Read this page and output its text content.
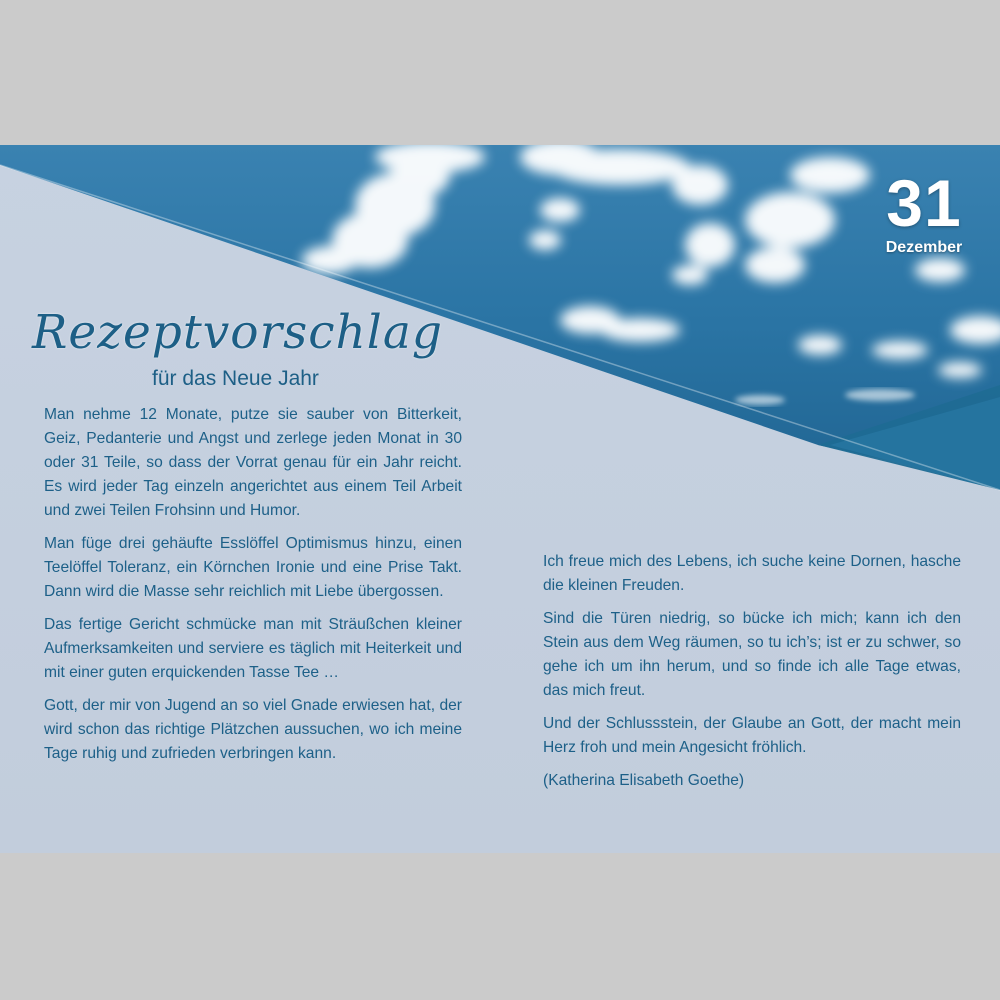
31
Dezember
Rezeptvorschlag
für das Neue Jahr

Man nehme 12 Monate, putze sie sauber von Bitterkeit, Geiz, Pedanterie und Angst und zerlege jeden Monat in 30 oder 31 Teile, so dass der Vorrat genau für ein Jahr reicht. Es wird jeder Tag einzeln angerichtet aus einem Teil Arbeit und zwei Teilen Frohsinn und Humor.

Man füge drei gehäufte Esslöffel Optimismus hinzu, einen Teelöffel Toleranz, ein Körnchen Ironie und eine Prise Takt. Dann wird die Masse sehr reichlich mit Liebe übergossen.

Das fertige Gericht schmücke man mit Sträußchen kleiner Aufmerksamkeiten und serviere es täglich mit Heiterkeit und mit einer guten erquickenden Tasse Tee …

Gott, der mir von Jugend an so viel Gnade erwiesen hat, der wird schon das richtige Plätzchen aussuchen, wo ich meine Tage ruhig und zufrieden verbringen kann.

Ich freue mich des Lebens, ich suche keine Dornen, hasche die kleinen Freuden.

Sind die Türen niedrig, so bücke ich mich; kann ich den Stein aus dem Weg räumen, so tu ich’s; ist er zu schwer, so gehe ich um ihn herum, und so finde ich alle Tage etwas, das mich freut.

Und der Schlussstein, der Glaube an Gott, der macht mein Herz froh und mein Angesicht fröhlich.

(Katherina Elisabeth Goethe)
